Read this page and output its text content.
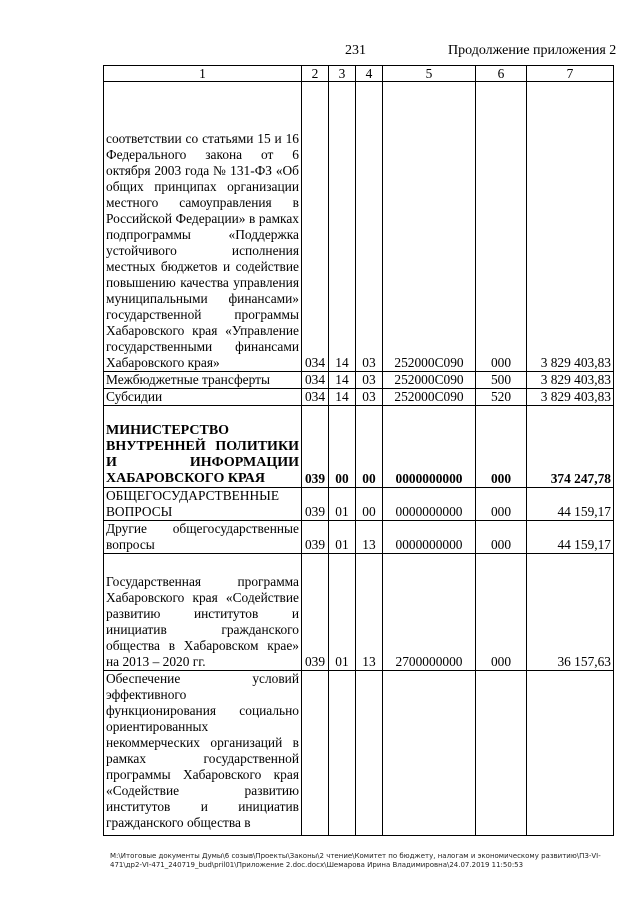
231	Продолжение приложения 2
1	2	3	4	5	6	7
соответствии со статьями 15 и 16 Федерального закона от 6 октября 2003 года № 131-ФЗ «Об общих принципах организации местного самоуправления в Российской Федерации» в рамках подпрограммы «Поддержка устойчивого исполнения местных бюджетов и содействие повышению качества управления муниципальными финансами» государственной программы Хабаровского края «Управление государственными финансами Хабаровского края»	034	14	03	252000С090	000	3 829 403,83
Межбюджетные трансферты	034	14	03	252000С090	500	3 829 403,83
Субсидии	034	14	03	252000С090	520	3 829 403,83
МИНИСТЕРСТВО ВНУТРЕННЕЙ ПОЛИТИКИ И ИНФОРМАЦИИ ХАБАРОВСКОГО КРАЯ	039	00	00	0000000000	000	374 247,78
ОБЩЕГОСУДАРСТВЕННЫЕ ВОПРОСЫ	039	01	00	0000000000	000	44 159,17
Другие общегосударственные вопросы	039	01	13	0000000000	000	44 159,17
Государственная программа Хабаровского края «Содействие развитию институтов и инициатив гражданского общества в Хабаровском крае» на 2013 – 2020 гг.	039	01	13	2700000000	000	36 157,63
Обеспечение условий эффективного функционирования социально ориентированных некоммерческих организаций в рамках государственной программы Хабаровского края «Содействие развитию институтов и инициатив гражданского общества в						
M:\Итоговые документы Думы\6 созыв\Проекты\Законы\2 чтение\Комитет по бюджету, налогам и экономическому развитию\ПЗ-VI-471\др2-VI-471_240719_bud\pril01\Приложение 2.doc.docx\Шемарова Ирина Владимировна\24.07.2019 11:50:53
